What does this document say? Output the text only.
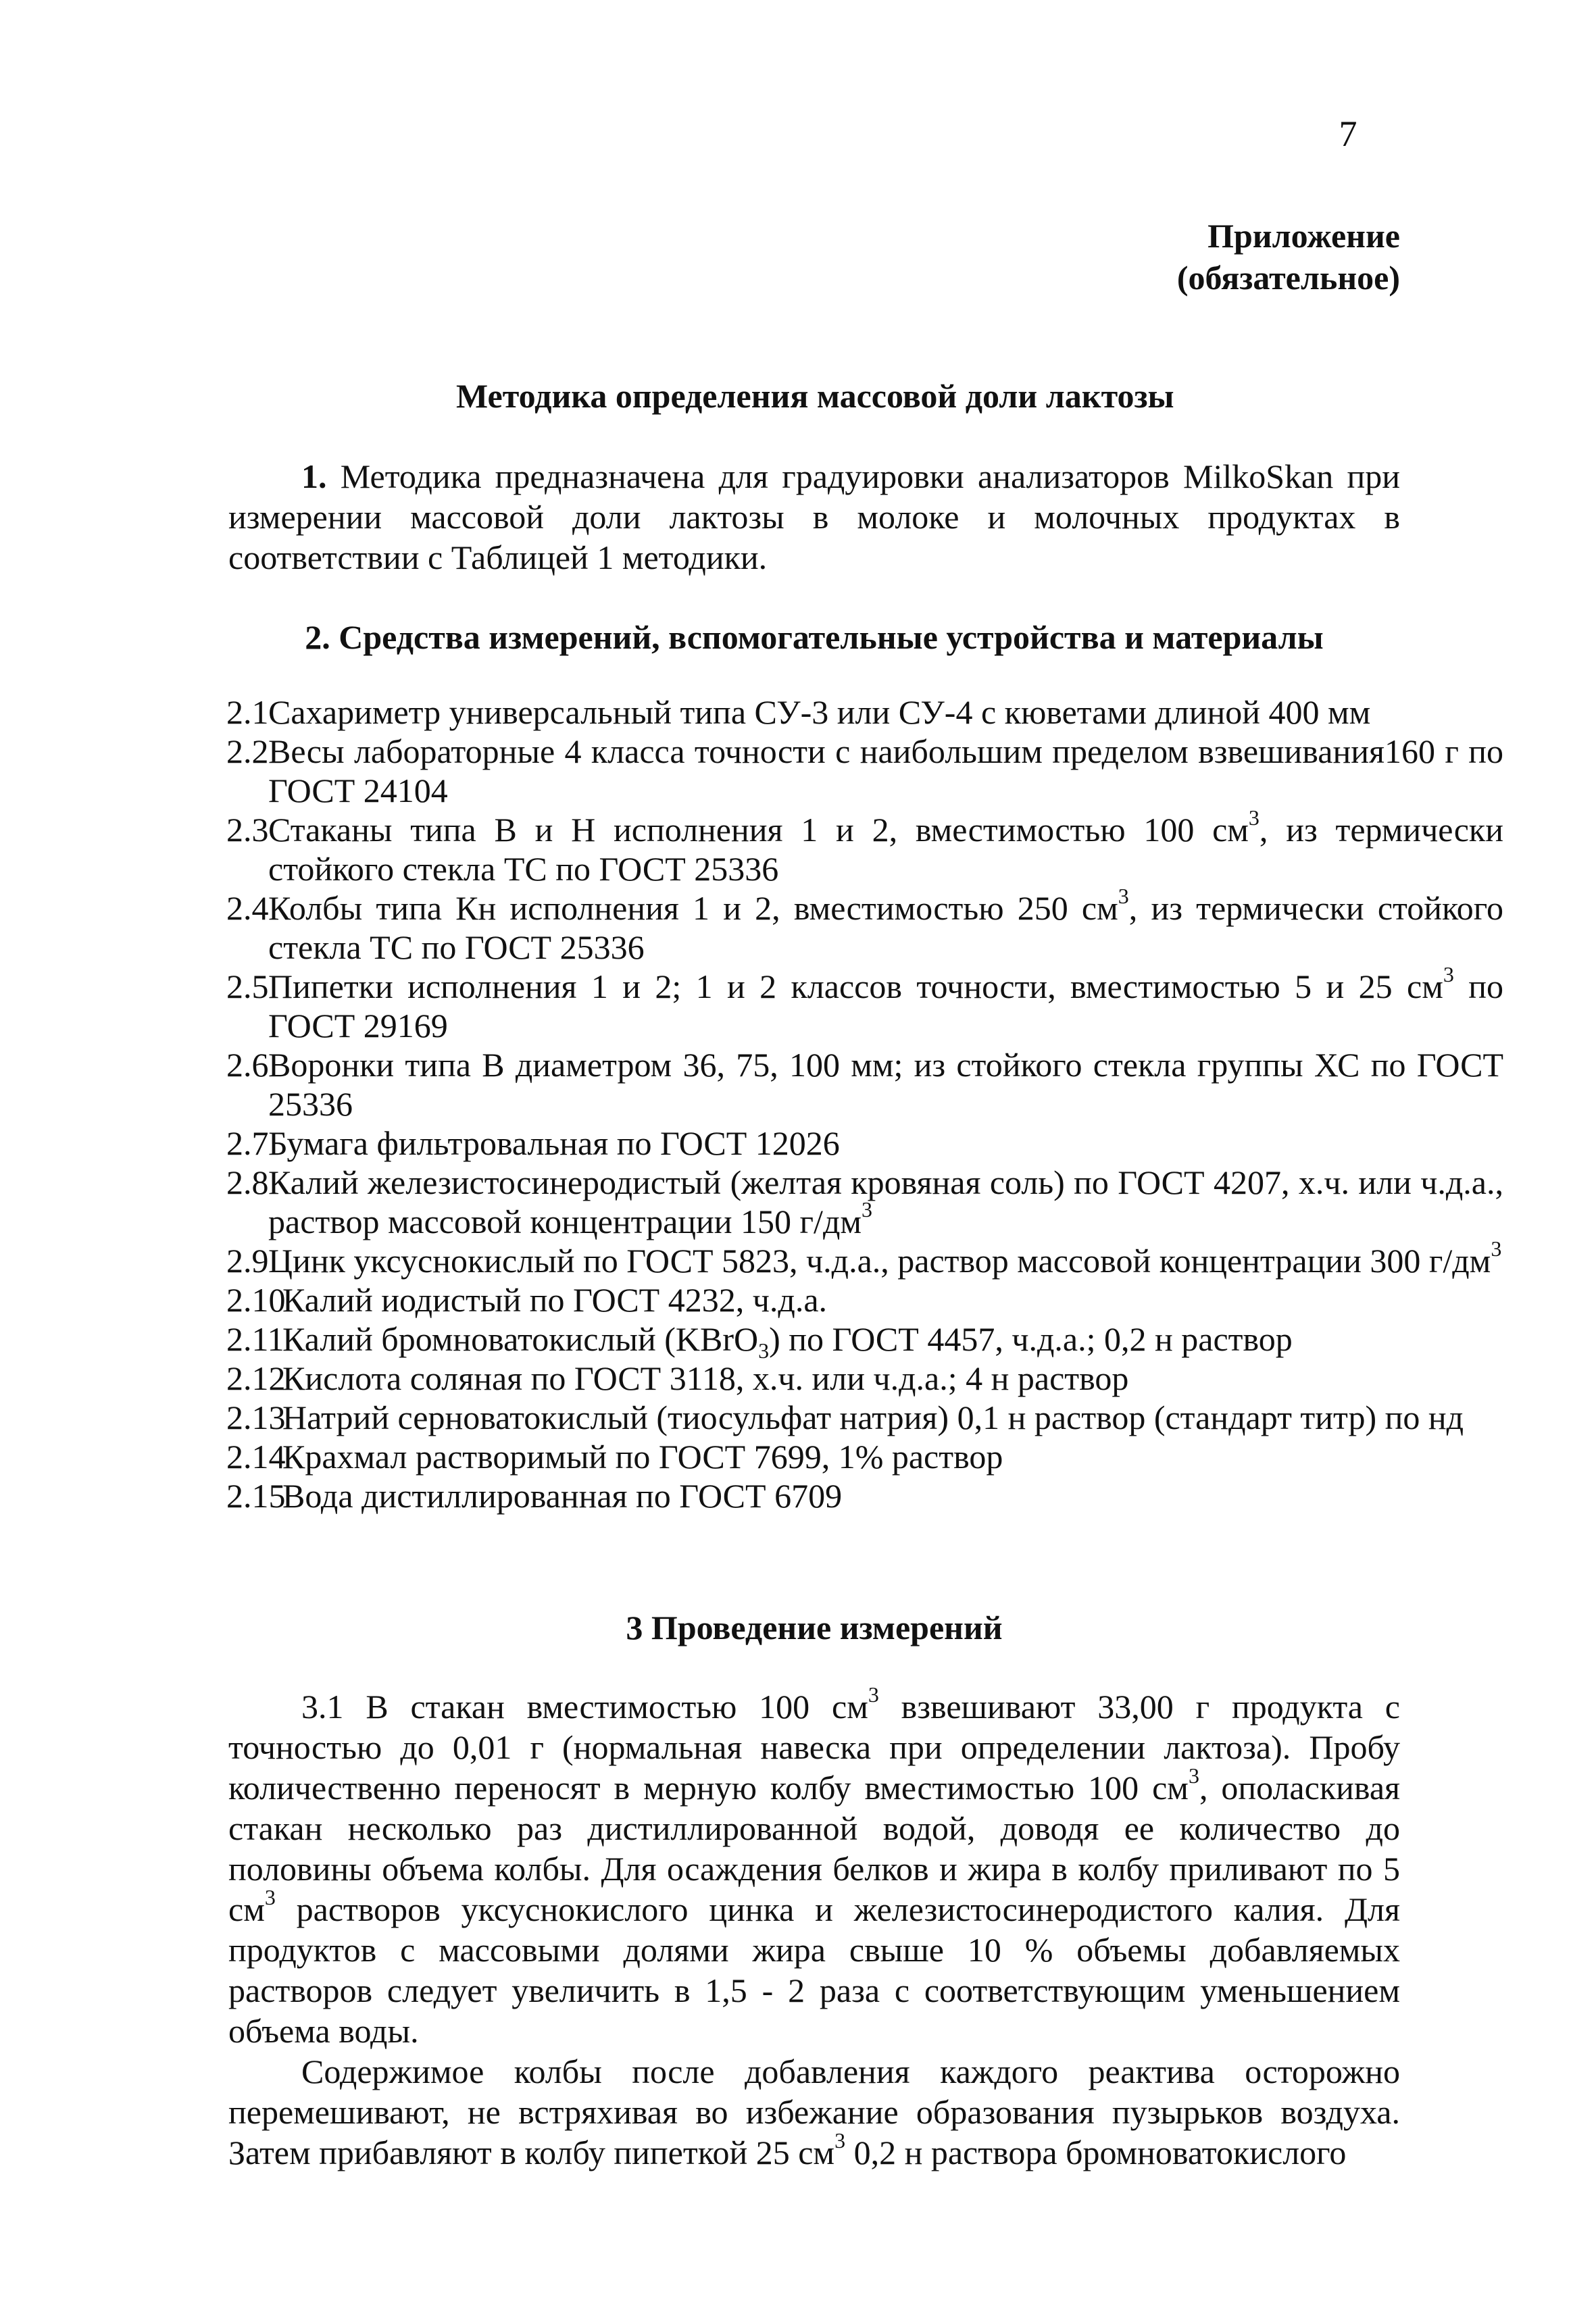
7
Приложение
(обязательное)
Методика определения массовой доли лактозы
1. Методика предназначена для градуировки анализаторов MilkoSkan при измерении массовой доли лактозы в молоке и молочных продуктах в соответствии с Таблицей 1 методики.
2. Средства измерений, вспомогательные устройства и материалы
2.1 Сахариметр универсальный типа СУ-3 или СУ-4 с кюветами длиной 400 мм
2.2 Весы лабораторные 4 класса точности с наибольшим пределом взвешивания160 г по ГОСТ 24104
2.3 Стаканы типа В и Н исполнения 1 и 2, вместимостью 100 $см^3$, из термически стойкого стекла ТС по ГОСТ 25336
2.4 Колбы типа Кн исполнения 1 и 2, вместимостью 250 $см^3$, из термически стойкого стекла ТС по ГОСТ 25336
2.5 Пипетки исполнения 1 и 2; 1 и 2 классов точности, вместимостью 5 и 25 $см^3$ по ГОСТ 29169
2.6 Воронки типа В диаметром 36, 75, 100 мм; из стойкого стекла группы ХС по ГОСТ 25336
2.7 Бумага фильтровальная по ГОСТ 12026
2.8 Калий железистосинеродистый (желтая кровяная соль) по ГОСТ 4207, х.ч. или ч.д.а., раствор массовой концентрации 150 $г/дм^3$
2.9 Цинк уксуснокислый по ГОСТ 5823, ч.д.а., раствор массовой концентрации 300 $г/дм^3$
2.10
Калий иодистый по ГОСТ 4232, ч.д.а.
2.11
Калий бромноватокислый (KBrO$_3$) по ГОСТ 4457, ч.д.а.; 0,2 н раствор
2.12
Кислота соляная по ГОСТ 3118, х.ч. или ч.д.а.; 4 н раствор
2.13
Натрий серноватокислый (тиосульфат натрия) 0,1 н раствор (стандарт титр) по нд
2.14
Крахмал растворимый по ГОСТ 7699, 1% раствор
2.15
Вода дистиллированная по ГОСТ 6709
3 Проведение измерений

3.1 В стакан вместимостью 100 $см^3$ взвешивают 33,00 г продукта с точностью до 0,01 г (нормальная навеска при определении лактоза). Пробу количественно переносят в мерную колбу вместимостью 100 $см^3$, ополаскивая стакан несколько раз дистиллированной водой, доводя ее количество до половины объема колбы. Для осаждения белков и жира в колбу приливают по 5 $см^3$ растворов уксуснокислого цинка и железистосинеродистого калия. Для продуктов с массовыми долями жира свыше 10 % объемы добавляемых растворов следует увеличить в 1,5 - 2 раза с соответствующим уменьшением объема воды.

Содержимое колбы после добавления каждого реактива осторожно перемешивают, не встряхивая во избежание образования пузырьков воздуха. Затем прибавляют в колбу пипеткой 25 $см^3$ 0,2 н раствора бромноватокислого
